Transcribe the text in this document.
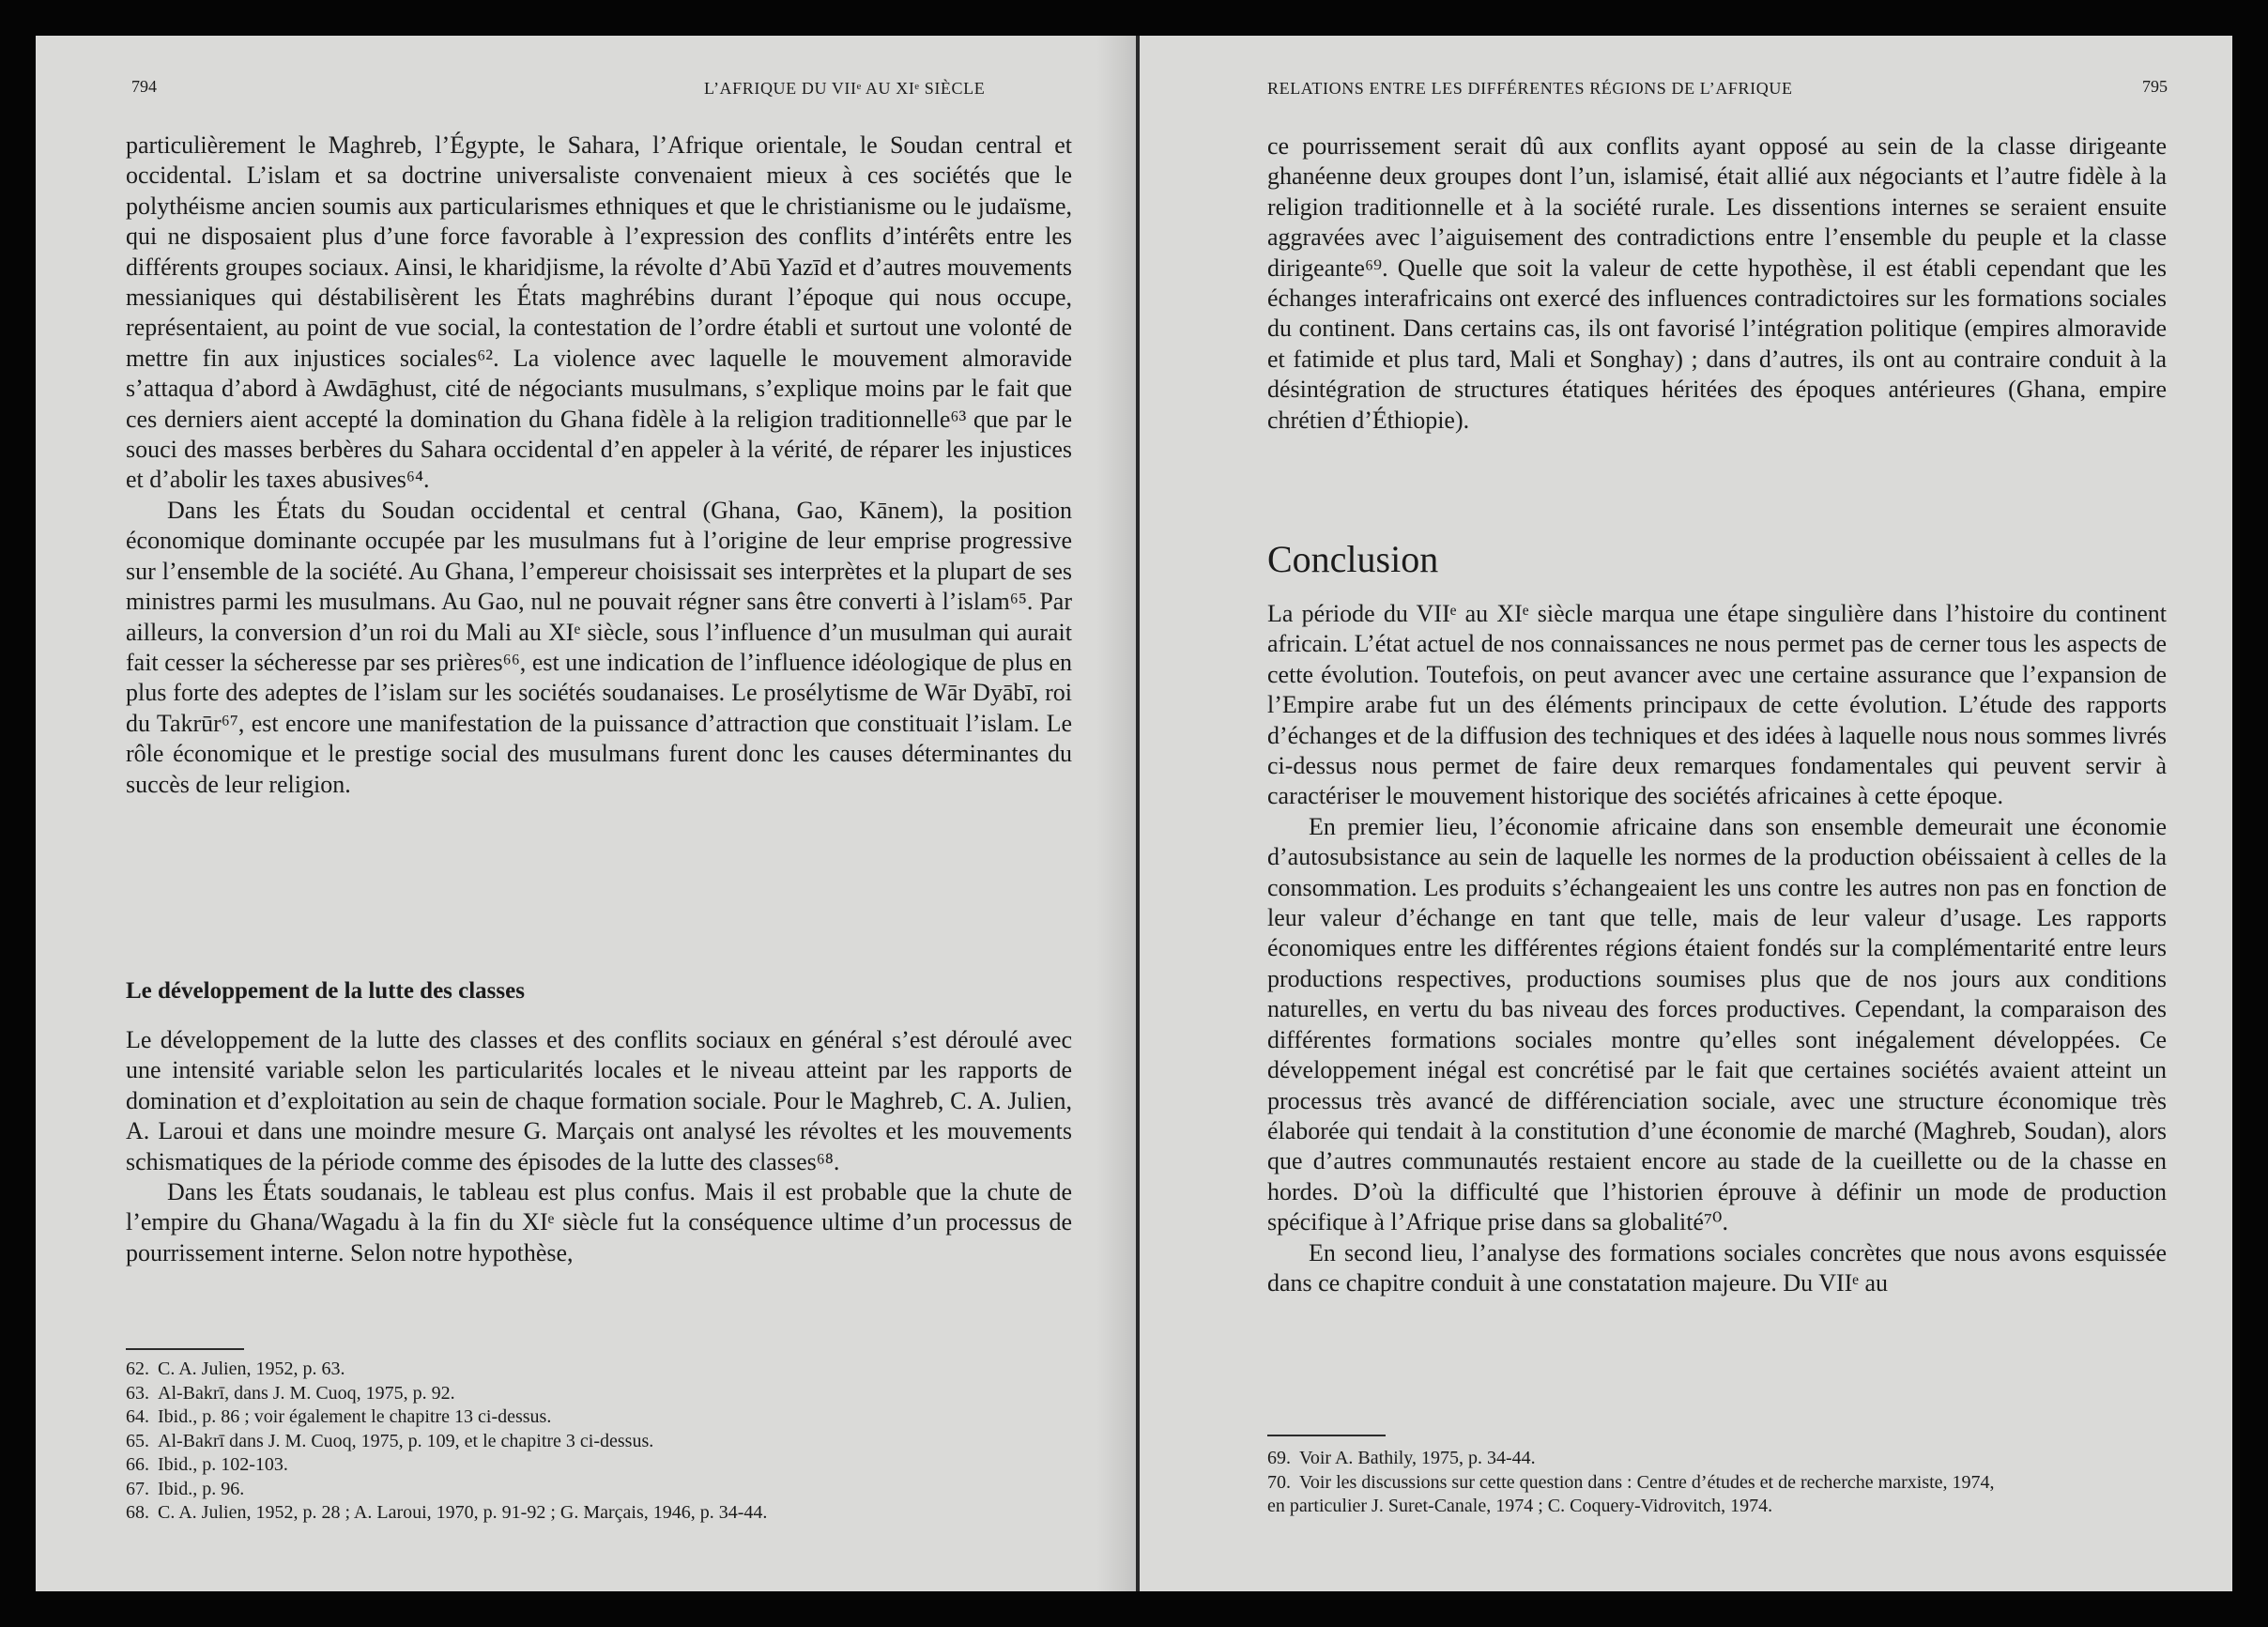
794	L’AFRIQUE DU VIIᵉ AU XIᵉ SIÈCLE

particulièrement le Maghreb, l’Égypte, le Sahara, l’Afrique orientale, le Soudan central et occidental. L’islam et sa doctrine universaliste convenaient mieux à ces sociétés que le polythéisme ancien soumis aux particularismes ethniques et que le christianisme ou le judaïsme, qui ne disposaient plus d’une force favorable à l’expression des conflits d’intérêts entre les différents groupes sociaux. Ainsi, le kharidjisme, la révolte d’Abū Yazīd et d’autres mouvements messianiques qui déstabilisèrent les États maghrébins durant l’époque qui nous occupe, représentaient, au point de vue social, la contestation de l’ordre établi et surtout une volonté de mettre fin aux injustices sociales⁶². La violence avec laquelle le mouvement almoravide s’attaqua d’abord à Awdāghust, cité de négociants musulmans, s’explique moins par le fait que ces derniers aient accepté la domination du Ghana fidèle à la religion traditionnelle⁶³ que par le souci des masses berbères du Sahara occidental d’en appeler à la vérité, de réparer les injustices et d’abolir les taxes abusives⁶⁴.

Dans les États du Soudan occidental et central (Ghana, Gao, Kānem), la position économique dominante occupée par les musulmans fut à l’origine de leur emprise progressive sur l’ensemble de la société. Au Ghana, l’empereur choisissait ses interprètes et la plupart de ses ministres parmi les musulmans. Au Gao, nul ne pouvait régner sans être converti à l’islam⁶⁵. Par ailleurs, la conversion d’un roi du Mali au XIᵉ siècle, sous l’influence d’un musulman qui aurait fait cesser la sécheresse par ses prières⁶⁶, est une indication de l’influence idéologique de plus en plus forte des adeptes de l’islam sur les sociétés soudanaises. Le prosélytisme de Wār Dyābī, roi du Takrūr⁶⁷, est encore une manifestation de la puissance d’attraction que constituait l’islam. Le rôle économique et le prestige social des musulmans furent donc les causes déterminantes du succès de leur religion.

Le développement de la lutte des classes

Le développement de la lutte des classes et des conflits sociaux en général s’est déroulé avec une intensité variable selon les particularités locales et le niveau atteint par les rapports de domination et d’exploitation au sein de chaque formation sociale. Pour le Maghreb, C. A. Julien, A. Laroui et dans une moindre mesure G. Marçais ont analysé les révoltes et les mouvements schismatiques de la période comme des épisodes de la lutte des classes⁶⁸.

Dans les États soudanais, le tableau est plus confus. Mais il est probable que la chute de l’empire du Ghana/Wagadu à la fin du XIᵉ siècle fut la conséquence ultime d’un processus de pourrissement interne. Selon notre hypothèse,

62. C. A. Julien, 1952, p. 63.
63. Al-Bakrī, dans J. M. Cuoq, 1975, p. 92.
64. Ibid., p. 86 ; voir également le chapitre 13 ci-dessus.
65. Al-Bakrī dans J. M. Cuoq, 1975, p. 109, et le chapitre 3 ci-dessus.
66. Ibid., p. 102-103.
67. Ibid., p. 96.
68. C. A. Julien, 1952, p. 28 ; A. Laroui, 1970, p. 91-92 ; G. Marçais, 1946, p. 34-44.
RELATIONS ENTRE LES DIFFÉRENTES RÉGIONS DE L’AFRIQUE	795

ce pourrissement serait dû aux conflits ayant opposé au sein de la classe dirigeante ghanéenne deux groupes dont l’un, islamisé, était allié aux négociants et l’autre fidèle à la religion traditionnelle et à la société rurale. Les dissentions internes se seraient ensuite aggravées avec l’aiguisement des contradictions entre l’ensemble du peuple et la classe dirigeante⁶⁹. Quelle que soit la valeur de cette hypothèse, il est établi cependant que les échanges interafricains ont exercé des influences contradictoires sur les formations sociales du continent. Dans certains cas, ils ont favorisé l’intégration politique (empires almoravide et fatimide et plus tard, Mali et Songhay) ; dans d’autres, ils ont au contraire conduit à la désintégration de structures étatiques héritées des époques antérieures (Ghana, empire chrétien d’Éthiopie).

Conclusion

La période du VIIᵉ au XIᵉ siècle marqua une étape singulière dans l’histoire du continent africain. L’état actuel de nos connaissances ne nous permet pas de cerner tous les aspects de cette évolution. Toutefois, on peut avancer avec une certaine assurance que l’expansion de l’Empire arabe fut un des éléments principaux de cette évolution. L’étude des rapports d’échanges et de la diffusion des techniques et des idées à laquelle nous nous sommes livrés ci-dessus nous permet de faire deux remarques fondamentales qui peuvent servir à caractériser le mouvement historique des sociétés africaines à cette époque.

En premier lieu, l’économie africaine dans son ensemble demeurait une économie d’autosubsistance au sein de laquelle les normes de la production obéissaient à celles de la consommation. Les produits s’échangeaient les uns contre les autres non pas en fonction de leur valeur d’échange en tant que telle, mais de leur valeur d’usage. Les rapports économiques entre les différentes régions étaient fondés sur la complémentarité entre leurs productions respectives, productions soumises plus que de nos jours aux conditions naturelles, en vertu du bas niveau des forces productives. Cependant, la comparaison des différentes formations sociales montre qu’elles sont inégalement développées. Ce développement inégal est concrétisé par le fait que certaines sociétés avaient atteint un processus très avancé de différenciation sociale, avec une structure économique très élaborée qui tendait à la constitution d’une économie de marché (Maghreb, Soudan), alors que d’autres communautés restaient encore au stade de la cueillette ou de la chasse en hordes. D’où la difficulté que l’historien éprouve à définir un mode de production spécifique à l’Afrique prise dans sa globalité⁷⁰.

En second lieu, l’analyse des formations sociales concrètes que nous avons esquissée dans ce chapitre conduit à une constatation majeure. Du VIIᵉ au

69. Voir A. Bathily, 1975, p. 34-44.
70. Voir les discussions sur cette question dans : Centre d’études et de recherche marxiste, 1974,
en particulier J. Suret-Canale, 1974 ; C. Coquery-Vidrovitch, 1974.
